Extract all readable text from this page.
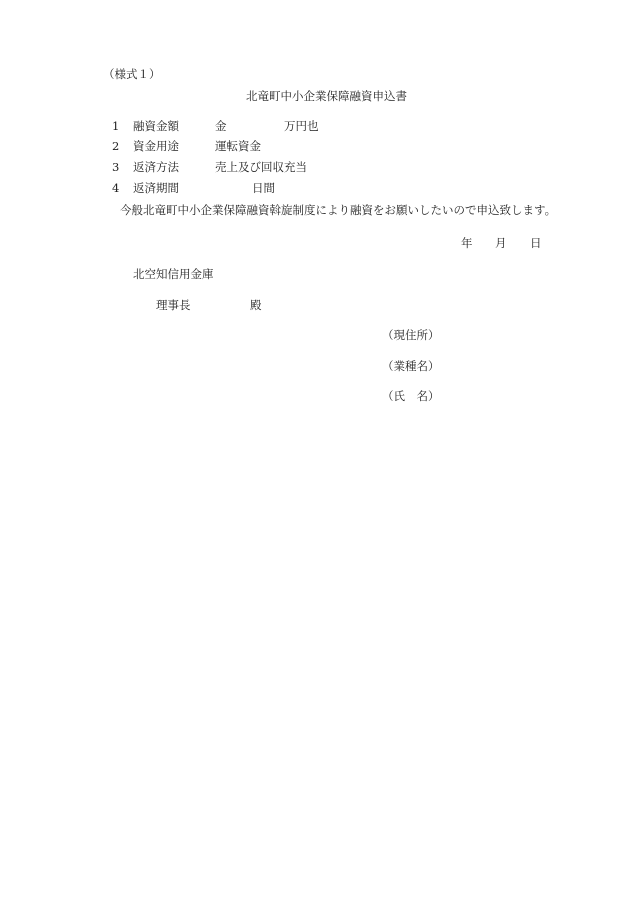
（様式１）
北竜町中小企業保障融資申込書
1 融資金額	金	万円也
2 資金用途	運転資金
3 返済方法	売上及び回収充当
4 返済期間	日間
今般北竜町中小企業保障融資斡旋制度により融資をお願いしたいので申込致します。
年 月 日
北空知信用金庫
理事長	殿
（現住所）
（業種名）
（氏　名）
